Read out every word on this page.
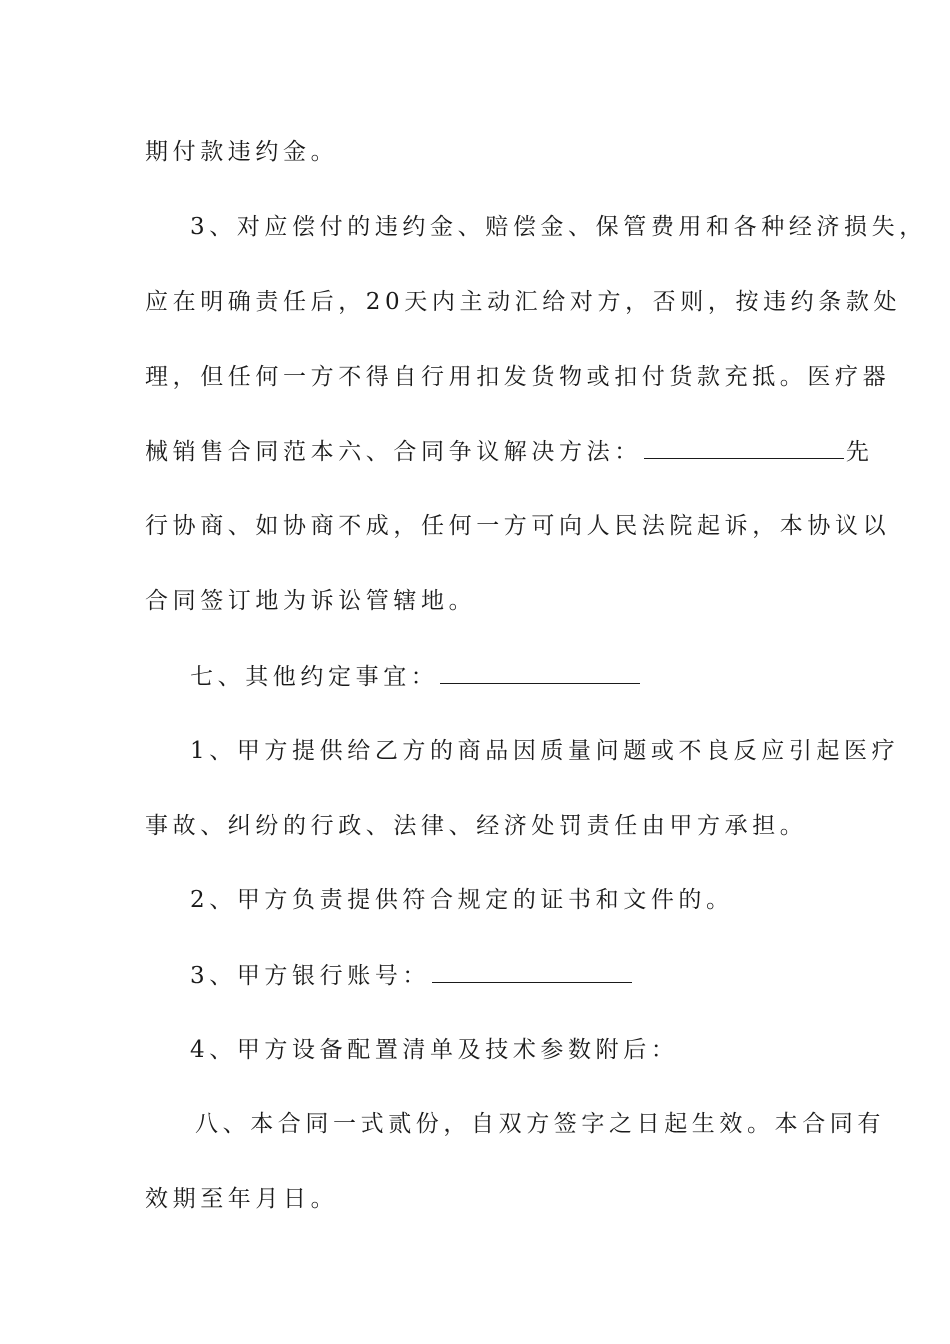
期付款违约金。
3、对应偿付的违约金、赔偿金、保管费用和各种经济损失，
应在明确责任后，20天内主动汇给对方，否则，按违约条款处
理，但任何一方不得自行用扣发货物或扣付货款充抵。医疗器
械销售合同范本六、合同争议解决方法：	先
行协商、如协商不成，任何一方可向人民法院起诉，本协议以
合同签订地为诉讼管辖地。
七、其他约定事宜：
1、甲方提供给乙方的商品因质量问题或不良反应引起医疗
事故、纠纷的行政、法律、经济处罚责任由甲方承担。
2、甲方负责提供符合规定的证书和文件的。
3、甲方银行账号：
4、甲方设备配置清单及技术参数附后：
八、本合同一式贰份，自双方签字之日起生效。本合同有
效期至年月日。
